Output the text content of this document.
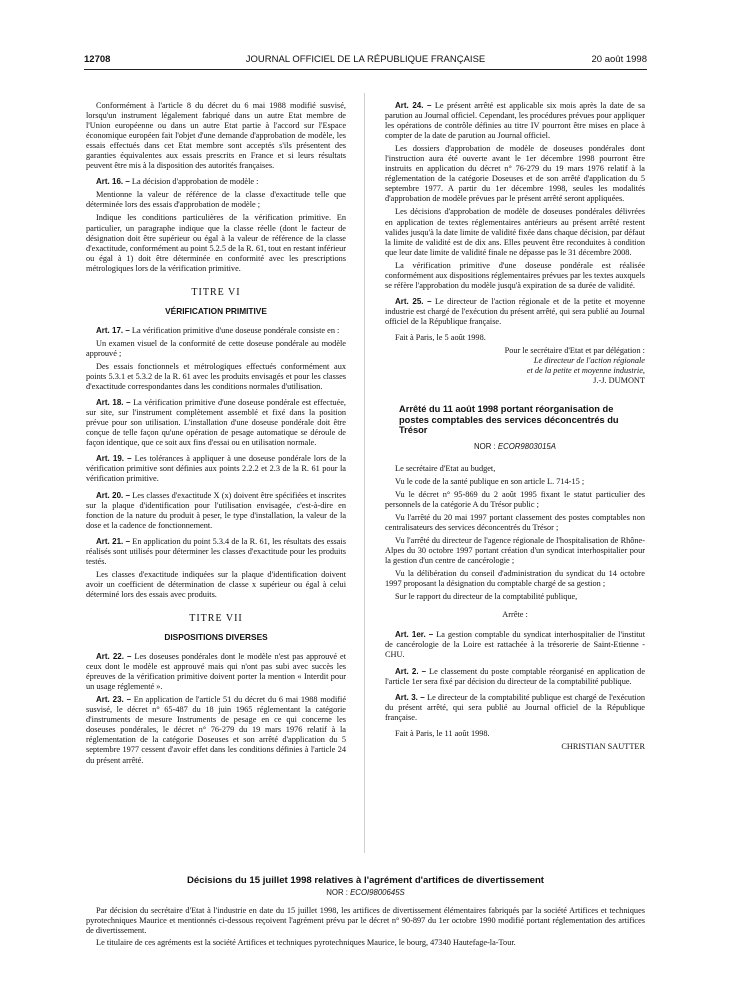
12708	JOURNAL OFFICIEL DE LA RÉPUBLIQUE FRANÇAISE	20 août 1998

Conformément à l'article 8 du décret du 6 mai 1988 modifié susvisé, lorsqu'un instrument légalement fabriqué dans un autre Etat membre de l'Union européenne ou dans un autre Etat partie à l'accord sur l'Espace économique européen fait l'objet d'une demande d'approbation de modèle, les essais effectués dans cet Etat membre sont acceptés s'ils présentent des garanties équivalentes aux essais prescrits en France et si leurs résultats peuvent être mis à la disposition des autorités françaises.

Art. 16. – La décision d'approbation de modèle :

Mentionne la valeur de référence de la classe d'exactitude telle que déterminée lors des essais d'approbation de modèle ;

Indique les conditions particulières de la vérification primitive. En particulier, un paragraphe indique que la classe réelle (dont le facteur de désignation doit être supérieur ou égal à la valeur de référence de la classe d'exactitude, conformément au point 5.2.5 de la R. 61, tout en restant inférieur ou égal à 1) doit être déterminée en conformité avec les prescriptions métrologiques lors de la vérification primitive.

TITRE VI
VÉRIFICATION PRIMITIVE

Art. 17. – La vérification primitive d'une doseuse pondérale consiste en :

Un examen visuel de la conformité de cette doseuse pondérale au modèle approuvé ;

Des essais fonctionnels et métrologiques effectués conformément aux points 5.3.1 et 5.3.2 de la R. 61 avec les produits envisagés et pour les classes d'exactitude correspondantes dans les conditions normales d'utilisation.

Art. 18. – La vérification primitive d'une doseuse pondérale est effectuée, sur site, sur l'instrument complètement assemblé et fixé dans la position prévue pour son utilisation. L'installation d'une doseuse pondérale doit être conçue de telle façon qu'une opération de pesage automatique se déroule de façon identique, que ce soit aux fins d'essai ou en utilisation normale.

Art. 19. – Les tolérances à appliquer à une doseuse pondérale lors de la vérification primitive sont définies aux points 2.2.2 et 2.3 de la R. 61 pour la vérification primitive.

Art. 20. – Les classes d'exactitude X (x) doivent être spécifiées et inscrites sur la plaque d'identification pour l'utilisation envisagée, c'est-à-dire en fonction de la nature du produit à peser, le type d'installation, la valeur de la dose et la cadence de fonctionnement.

Art. 21. – En application du point 5.3.4 de la R. 61, les résultats des essais réalisés sont utilisés pour déterminer les classes d'exactitude pour les produits testés.

Les classes d'exactitude indiquées sur la plaque d'identification doivent avoir un coefficient de détermination de classe x supérieur ou égal à celui déterminé lors des essais avec produits.

TITRE VII
DISPOSITIONS DIVERSES

Art. 22. – Les doseuses pondérales dont le modèle n'est pas approuvé et ceux dont le modèle est approuvé mais qui n'ont pas subi avec succès les épreuves de la vérification primitive doivent porter la mention « Interdit pour un usage réglementé ».

Art. 23. – En application de l'article 51 du décret du 6 mai 1988 modifié susvisé, le décret n° 65-487 du 18 juin 1965 réglementant la catégorie d'instruments de mesure Instruments de pesage en ce qui concerne les doseuses pondérales, le décret n° 76-279 du 19 mars 1976 relatif à la réglementation de la catégorie Doseuses et son arrêté d'application du 5 septembre 1977 cessent d'avoir effet dans les conditions définies à l'article 24 du présent arrêté.

Art. 24. – Le présent arrêté est applicable six mois après la date de sa parution au Journal officiel. Cependant, les procédures prévues pour appliquer les opérations de contrôle définies au titre IV pourront être mises en place à compter de la date de parution au Journal officiel.

Les dossiers d'approbation de modèle de doseuses pondérales dont l'instruction aura été ouverte avant le 1er décembre 1998 pourront être instruits en application du décret n° 76-279 du 19 mars 1976 relatif à la réglementation de la catégorie Doseuses et de son arrêté d'application du 5 septembre 1977. A partir du 1er décembre 1998, seules les modalités d'approbation de modèle prévues par le présent arrêté seront appliquées.

Les décisions d'approbation de modèle de doseuses pondérales délivrées en application de textes réglementaires antérieurs au présent arrêté restent valides jusqu'à la date limite de validité fixée dans chaque décision, par défaut la limite de validité est de dix ans. Elles peuvent être reconduites à condition que leur date limite de validité finale ne dépasse pas le 31 décembre 2008.

La vérification primitive d'une doseuse pondérale est réalisée conformément aux dispositions réglementaires prévues par les textes auxquels se réfère l'approbation du modèle jusqu'à expiration de sa durée de validité.

Art. 25. – Le directeur de l'action régionale et de la petite et moyenne industrie est chargé de l'exécution du présent arrêté, qui sera publié au Journal officiel de la République française.

Fait à Paris, le 5 août 1998.

Pour le secrétaire d'Etat et par délégation :
Le directeur de l'action régionale
et de la petite et moyenne industrie,
J.-J. DUMONT
Arrêté du 11 août 1998 portant réorganisation de postes comptables des services déconcentrés du Trésor
NOR : ECOR9803015A

Le secrétaire d'Etat au budget,

Vu le code de la santé publique en son article L. 714-15 ;

Vu le décret n° 95-869 du 2 août 1995 fixant le statut particulier des personnels de la catégorie A du Trésor public ;

Vu l'arrêté du 20 mai 1997 portant classement des postes comptables non centralisateurs des services déconcentrés du Trésor ;

Vu l'arrêté du directeur de l'agence régionale de l'hospitalisation de Rhône-Alpes du 30 octobre 1997 portant création d'un syndicat interhospitalier pour la gestion d'un centre de cancérologie ;

Vu la délibération du conseil d'administration du syndicat du 14 octobre 1997 proposant la désignation du comptable chargé de sa gestion ;

Sur le rapport du directeur de la comptabilité publique,

Arrête :

Art. 1er. – La gestion comptable du syndicat interhospitalier de l'institut de cancérologie de la Loire est rattachée à la trésorerie de Saint-Etienne - CHU.

Art. 2. – Le classement du poste comptable réorganisé en application de l'article 1er sera fixé par décision du directeur de la comptabilité publique.

Art. 3. – Le directeur de la comptabilité publique est chargé de l'exécution du présent arrêté, qui sera publié au Journal officiel de la République française.

Fait à Paris, le 11 août 1998.

CHRISTIAN SAUTTER
Décisions du 15 juillet 1998 relatives à l'agrément d'artifices de divertissement
NOR : ECOI9800645S

Par décision du secrétaire d'Etat à l'industrie en date du 15 juillet 1998, les artifices de divertissement élémentaires fabriqués par la société Artifices et techniques pyrotechniques Maurice et mentionnés ci-dessous reçoivent l'agrément prévu par le décret n° 90-897 du 1er octobre 1990 modifié portant réglementation des artifices de divertissement.

Le titulaire de ces agréments est la société Artifices et techniques pyrotechniques Maurice, le bourg, 47340 Hautefage-la-Tour.
